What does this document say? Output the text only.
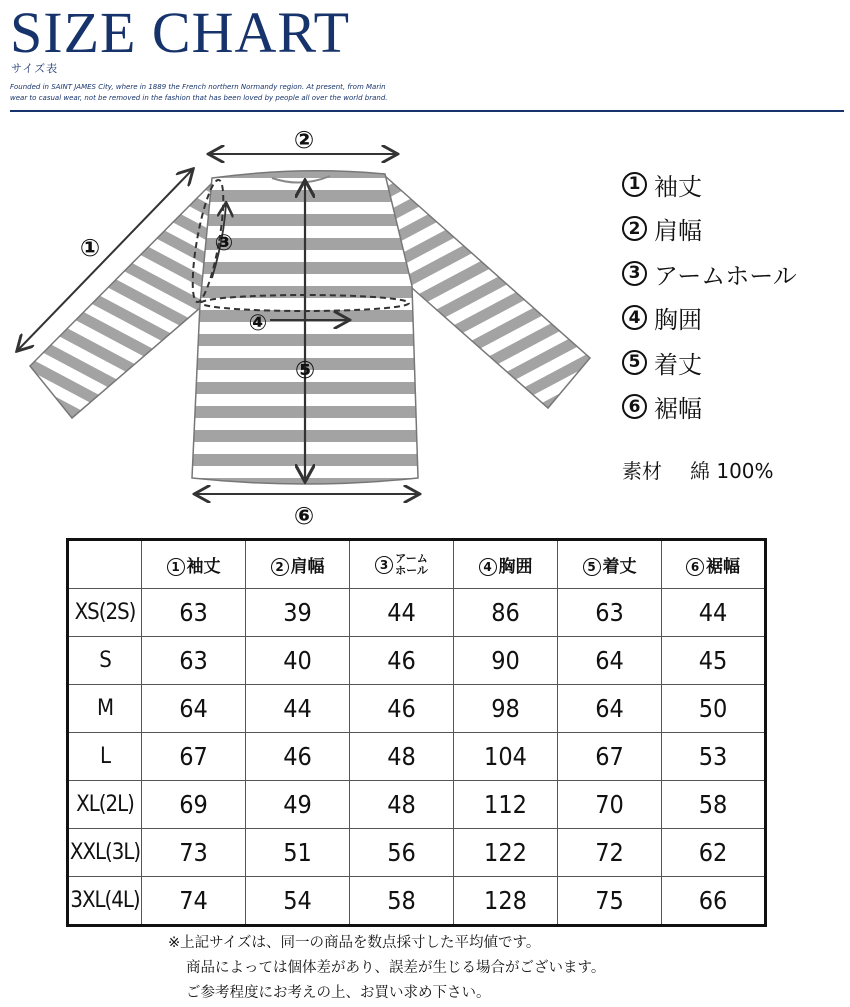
SIZE CHART
サイズ表
Founded in SAINT JAMES City, where in 1889 the French northern Normandy region. At present, from Marin
wear to casual wear, not be removed in the fashion that has been loved by people all over the world brand.
①
②
③
④
⑤
⑥
1 袖丈
2 肩幅
3 アームホール
4 胸囲
5 着丈
6 裾幅
素材 綿 100%
	1 袖丈	2 肩幅	3 アーム
ホール	4 胸囲	5 着丈	6 裾幅
XS(2S)	63	39	44	86	63	44
S	63	40	46	90	64	45
M	64	44	46	98	64	50
L	67	46	48	104	67	53
XL(2L)	69	49	48	112	70	58
XXL(3L)	73	51	56	122	72	62
3XL(4L)	74	54	58	128	75	66
※上記サイズは、同一の商品を数点採寸した平均値です。
商品によっては個体差があり、誤差が生じる場合がございます。
ご参考程度にお考えの上、お買い求め下さい。
